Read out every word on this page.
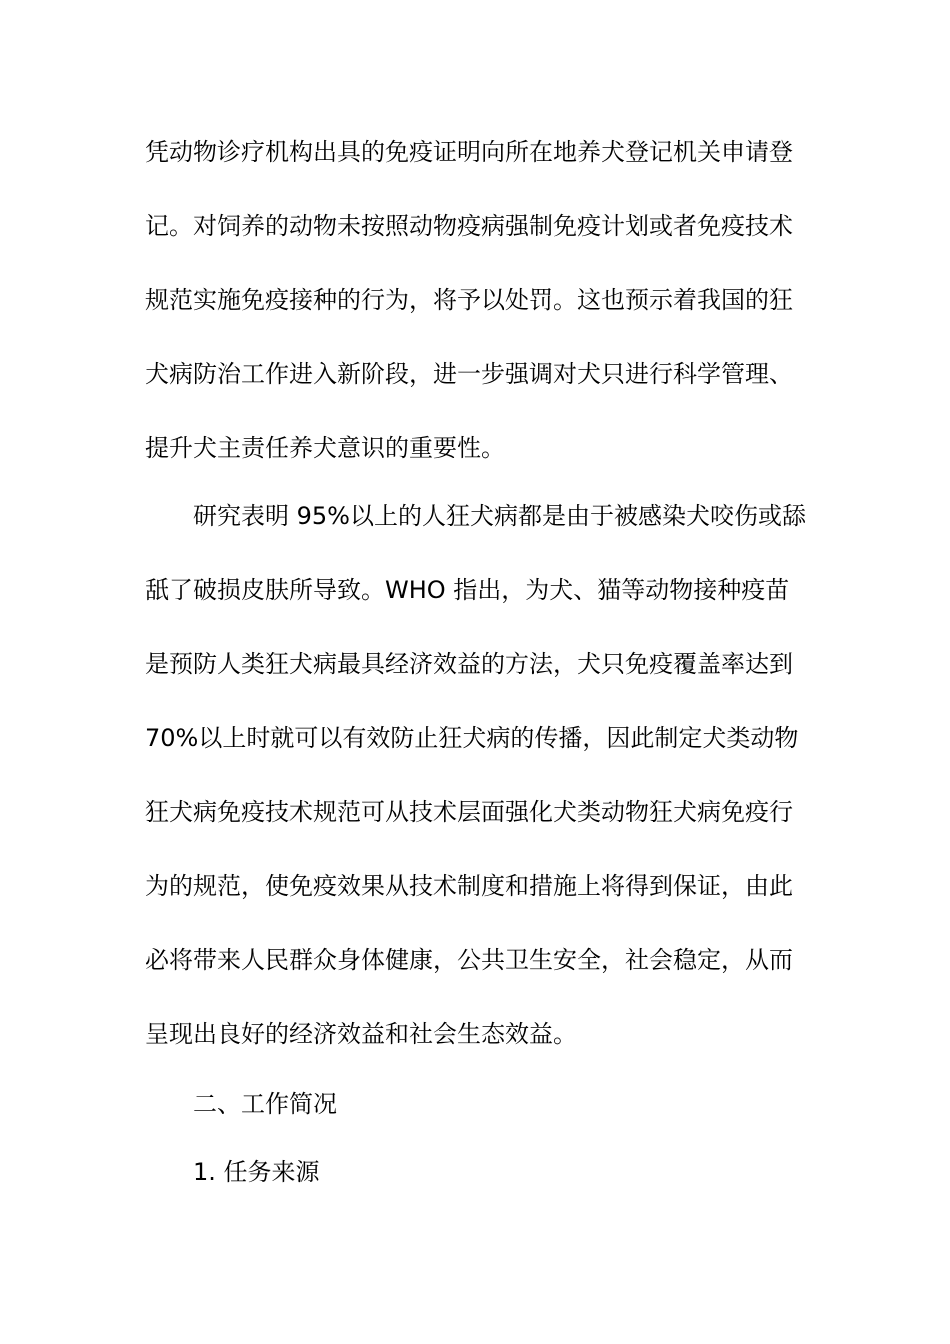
凭动物诊疗机构出具的免疫证明向所在地养犬登记机关申请登
记。对饲养的动物未按照动物疫病强制免疫计划或者免疫技术
规范实施免疫接种的行为，将予以处罚。这也预示着我国的狂
犬病防治工作进入新阶段，进一步强调对犬只进行科学管理、
提升犬主责任养犬意识的重要性。
研究表明 95%以上的人狂犬病都是由于被感染犬咬伤或舔
舐了破损皮肤所导致。WHO 指出，为犬、猫等动物接种疫苗
是预防人类狂犬病最具经济效益的方法，犬只免疫覆盖率达到
70%以上时就可以有效防止狂犬病的传播，因此制定犬类动物
狂犬病免疫技术规范可从技术层面强化犬类动物狂犬病免疫行
为的规范，使免疫效果从技术制度和措施上将得到保证，由此
必将带来人民群众身体健康，公共卫生安全，社会稳定，从而
呈现出良好的经济效益和社会生态效益。
二、工作简况
1. 任务来源
